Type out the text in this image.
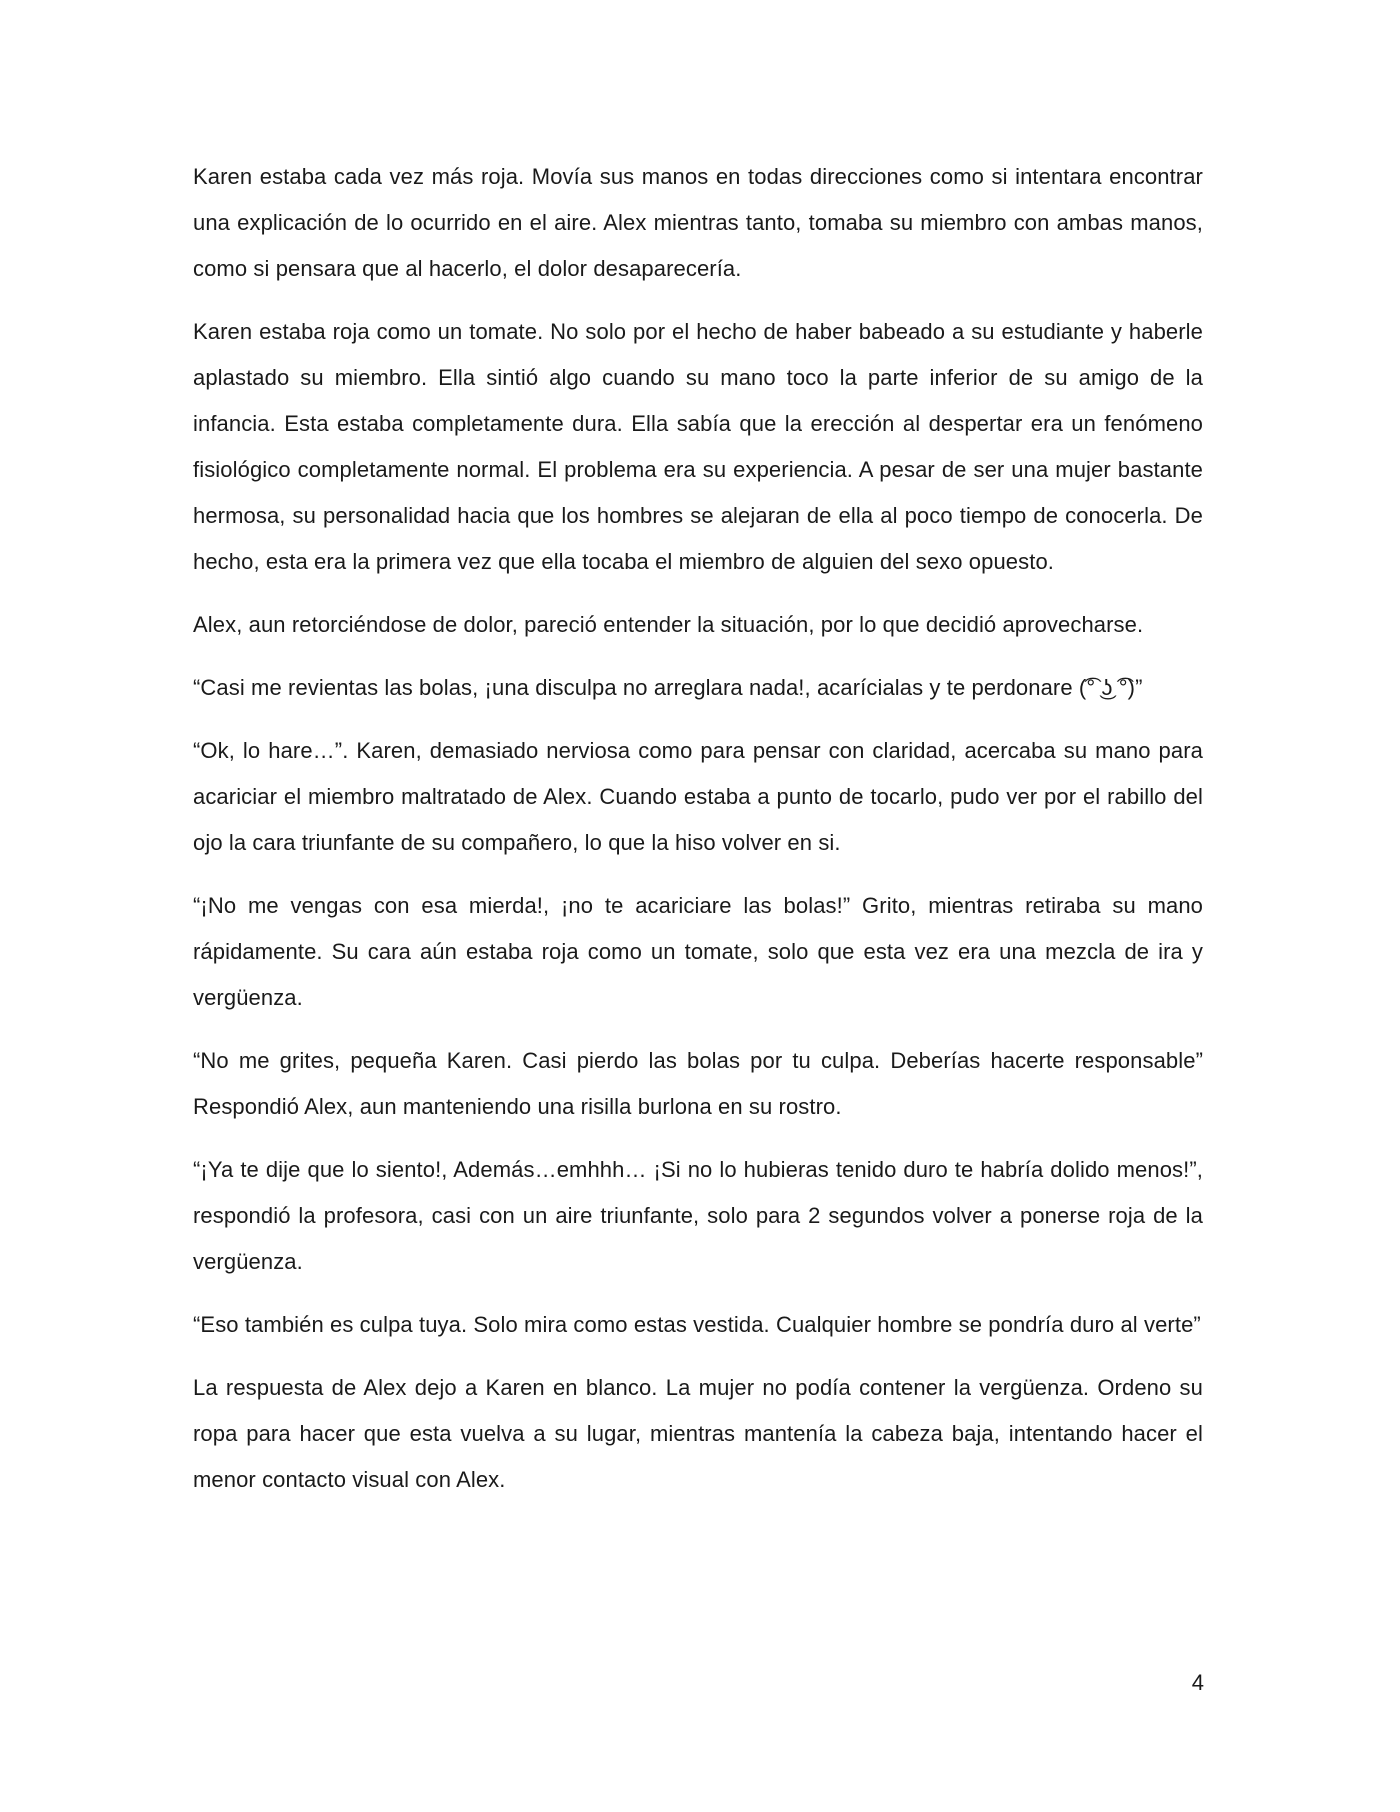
Karen estaba cada vez más roja. Movía sus manos en todas direcciones como si intentara encontrar una explicación de lo ocurrido en el aire. Alex mientras tanto, tomaba su miembro con ambas manos, como si pensara que al hacerlo, el dolor desaparecería.

Karen estaba roja como un tomate. No solo por el hecho de haber babeado a su estudiante y haberle aplastado su miembro. Ella sintió algo cuando su mano toco la parte inferior de su amigo de la infancia. Esta estaba completamente dura. Ella sabía que la erección al despertar era un fenómeno fisiológico completamente normal. El problema era su experiencia. A pesar de ser una mujer bastante hermosa, su personalidad hacia que los hombres se alejaran de ella al poco tiempo de conocerla. De hecho, esta era la primera vez que ella tocaba el miembro de alguien del sexo opuesto.

Alex, aun retorciéndose de dolor, pareció entender la situación, por lo que decidió aprovecharse.

“Casi me revientas las bolas, ¡una disculpa no arreglara nada!, acarícialas y te perdonare (͡° ͜ʖ ͡°)”

“Ok, lo hare…”. Karen, demasiado nerviosa como para pensar con claridad, acercaba su mano para acariciar el miembro maltratado de Alex. Cuando estaba a punto de tocarlo, pudo ver por el rabillo del ojo la cara triunfante de su compañero, lo que la hiso volver en si.

“¡No me vengas con esa mierda!, ¡no te acariciare las bolas!” Grito, mientras retiraba su mano rápidamente. Su cara aún estaba roja como un tomate, solo que esta vez era una mezcla de ira y vergüenza.

“No me grites, pequeña Karen. Casi pierdo las bolas por tu culpa. Deberías hacerte responsable” Respondió Alex, aun manteniendo una risilla burlona en su rostro.

“¡Ya te dije que lo siento!, Además…emhhh… ¡Si no lo hubieras tenido duro te habría dolido menos!”, respondió la profesora, casi con un aire triunfante, solo para 2 segundos volver a ponerse roja de la vergüenza.

“Eso también es culpa tuya. Solo mira como estas vestida. Cualquier hombre se pondría duro al verte”

La respuesta de Alex dejo a Karen en blanco. La mujer no podía contener la vergüenza. Ordeno su ropa para hacer que esta vuelva a su lugar, mientras mantenía la cabeza baja, intentando hacer el menor contacto visual con Alex.

4
